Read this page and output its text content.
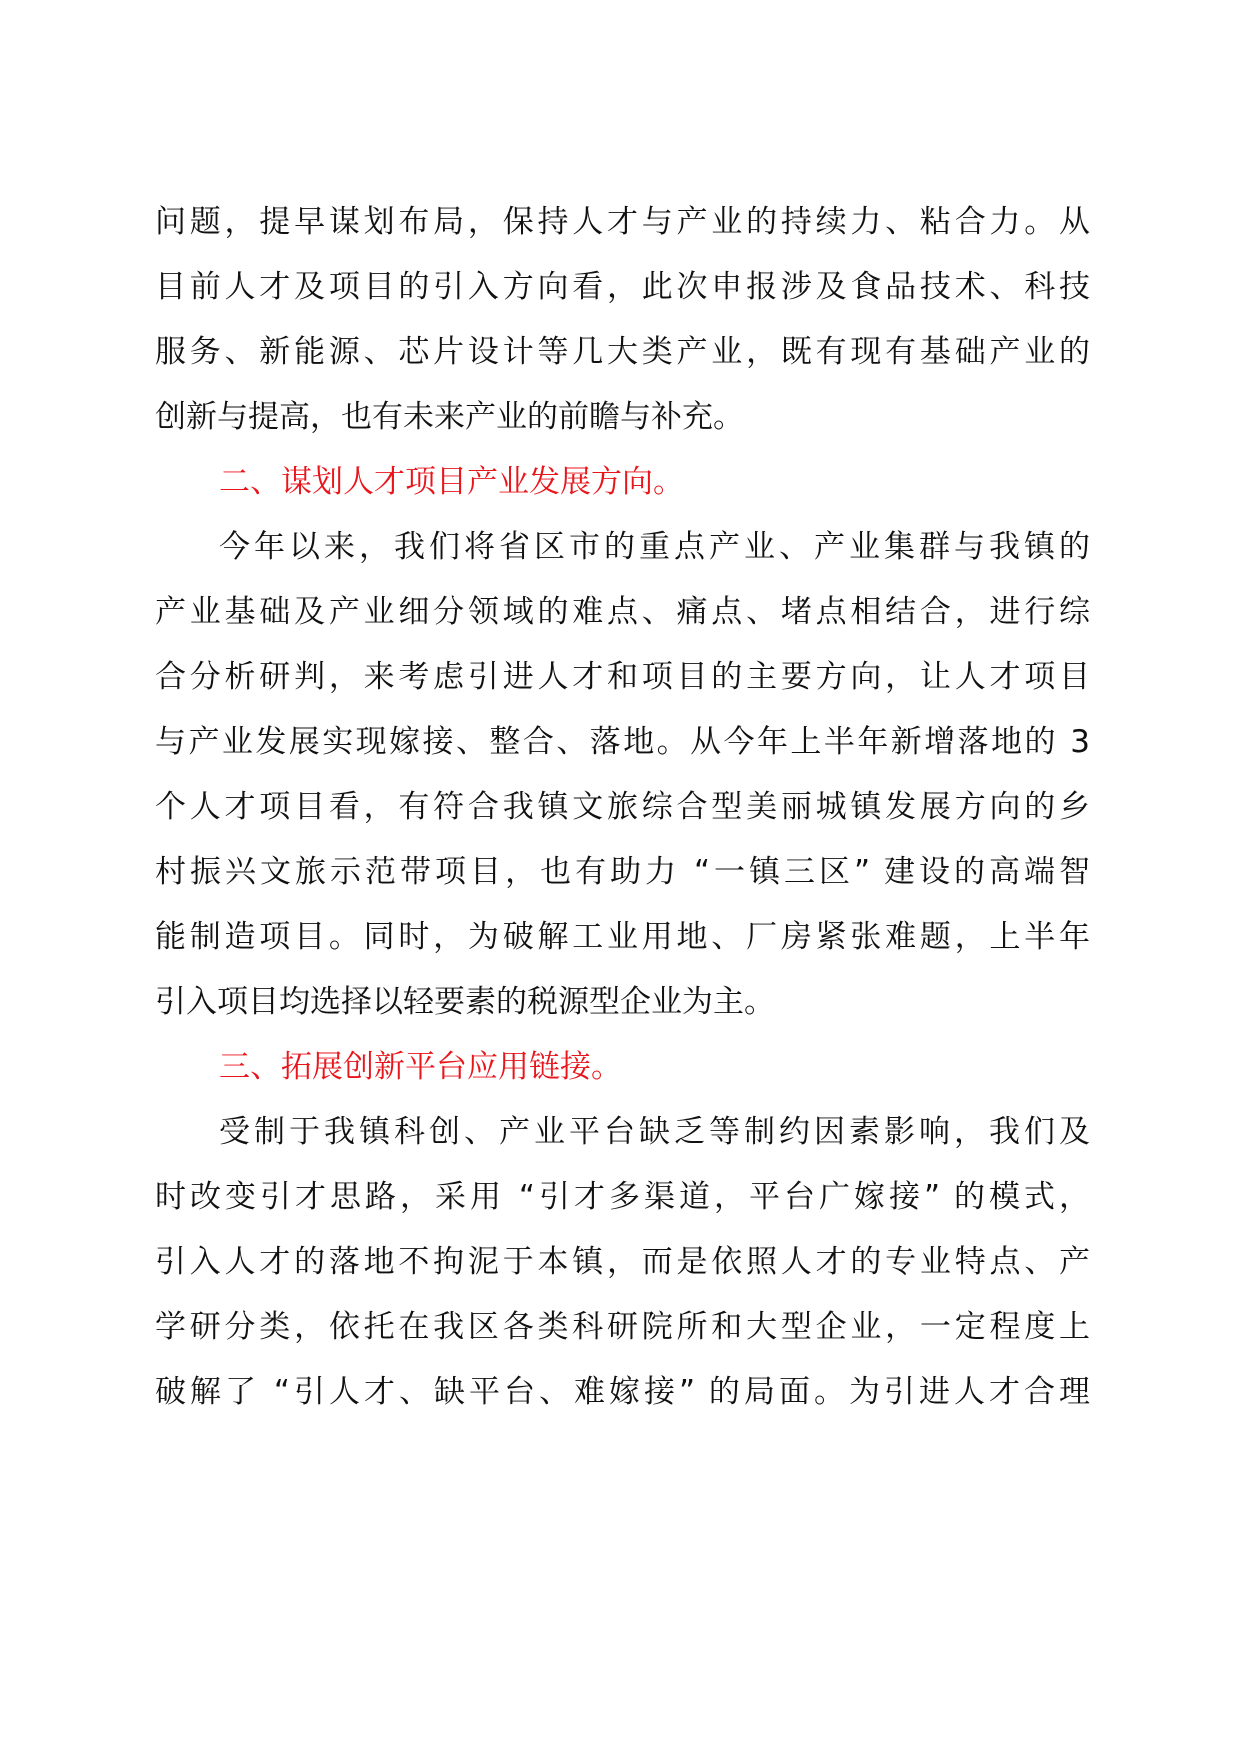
问题，提早谋划布局，保持人才与产业的持续力、粘合力。从
目前人才及项目的引入方向看，此次申报涉及食品技术、科技
服务、新能源、芯片设计等几大类产业，既有现有基础产业的
创新与提高，也有未来产业的前瞻与补充。
二、谋划人才项目产业发展方向。
今年以来，我们将省区市的重点产业、产业集群与我镇的
产业基础及产业细分领域的难点、痛点、堵点相结合，进行综
合分析研判，来考虑引进人才和项目的主要方向，让人才项目
与产业发展实现嫁接、整合、落地。从今年上半年新增落地的 3
个人才项目看，有符合我镇文旅综合型美丽城镇发展方向的乡
村振兴文旅示范带项目，也有助力 “一镇三区” 建设的高端智
能制造项目。同时，为破解工业用地、厂房紧张难题，上半年
引入项目均选择以轻要素的税源型企业为主。
三、拓展创新平台应用链接。
受制于我镇科创、产业平台缺乏等制约因素影响，我们及
时改变引才思路，采用 “引才多渠道，平台广嫁接” 的模式，
引入人才的落地不拘泥于本镇，而是依照人才的专业特点、产
学研分类，依托在我区各类科研院所和大型企业，一定程度上
破解了 “引人才、缺平台、难嫁接” 的局面。为引进人才合理
